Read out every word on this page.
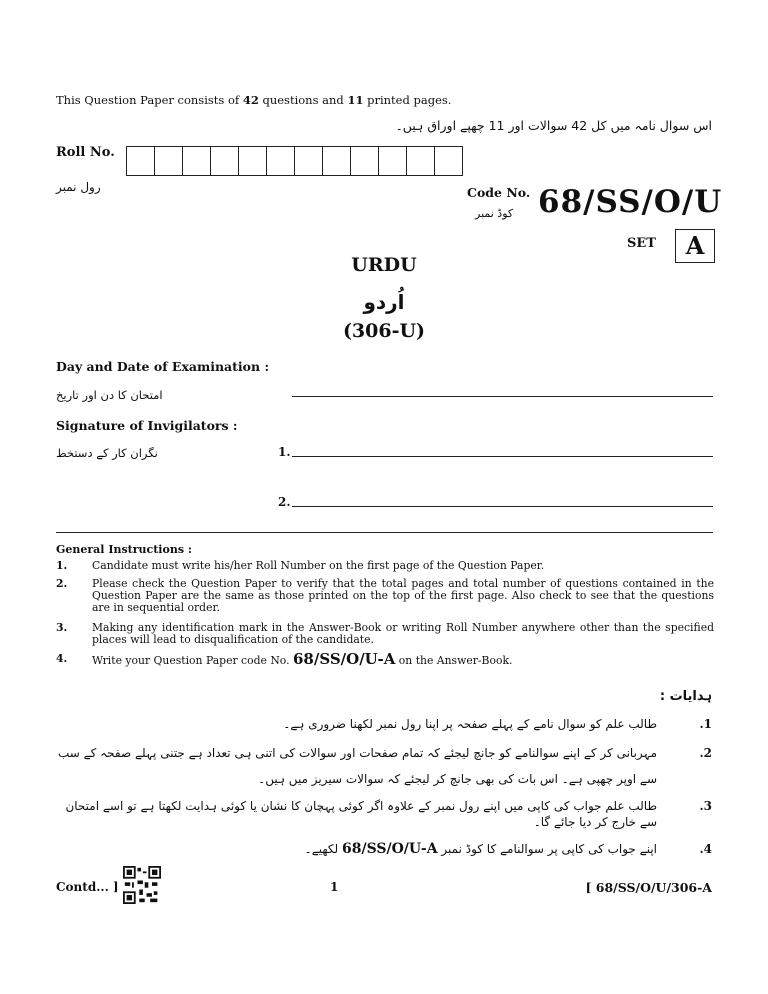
This Question Paper consists of 42 questions and 11 printed pages.
اس سوال نامہ میں کل 42 سوالات اور 11 چھپے اوراق ہیں۔
Roll No.
رول نمبر	Code No.
کوڈ نمبر 68/SS/O/U
SET	A
URDU
اُردو
(306-U)
Day and Date of Examination :
امتحان کا دن اور تاریخ
Signature of Invigilators :
نگران کار کے دستخط	1.
2.
General Instructions :
1. Candidate must write his/her Roll Number on the first page of the Question Paper.
2. Please check the Question Paper to verify that the total pages and total number of questions contained in the Question Paper are the same as those printed on the top of the first page. Also check to see that the questions are in sequential order.
3. Making any identification mark in the Answer-Book or writing Roll Number anywhere other than the specified places will lead to disqualification of the candidate.
4. Write your Question Paper code No. 68/SS/O/U-A on the Answer-Book.
ہدایات :
.1
طالب علم کو سوال نامے کے پہلے صفحہ پر اپنا رول نمبر لکھنا ضروری ہے۔
.2
مہربانی کر کے اپنے سوالنامے کو جانچ لیجئے کہ تمام صفحات اور سوالات کی اتنی ہی تعداد ہے جتنی پہلے صفحہ کے سب سے اوپر چھپی ہے۔ اس بات کی بھی جانچ کر لیجئے کہ سوالات سیریز میں ہیں۔
.3
طالب علم جواب کی کاپی میں اپنے رول نمبر کے علاوہ اگر کوئی پہچان کا نشان یا کوئی ہدایت لکھتا ہے تو اسے امتحان سے خارج کر دیا جائے گا۔
.4
اپنے جواب کی کاپی پر سوالنامے کا کوڈ نمبر 68/SS/O/U-A لکھیے۔
Contd... ]	1	[ 68/SS/O/U/306-A
